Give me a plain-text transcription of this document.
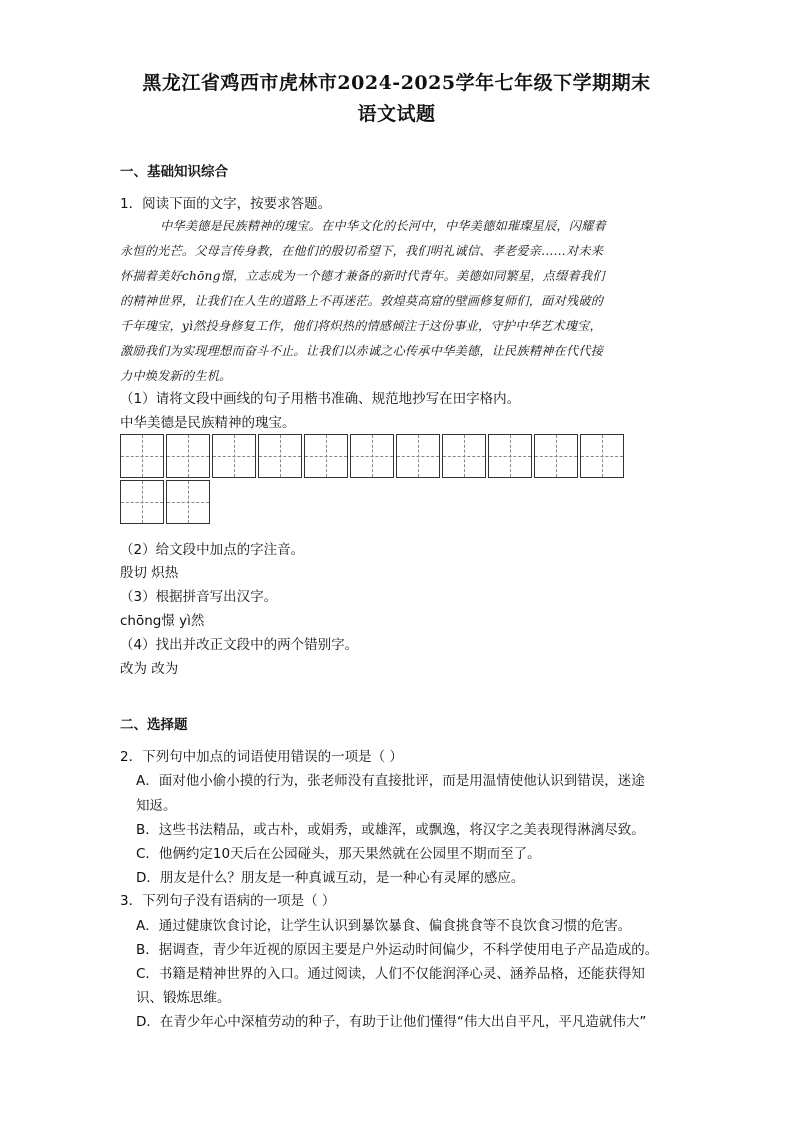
黑龙江省鸡西市虎林市2024-2025学年七年级下学期期末
语文试题
一、基础知识综合
1．阅读下面的文字，按要求答题。
中华美德是民族精神的瑰宝。在中华文化的长河中，中华美德如璀璨星辰，闪耀着
永恒的光芒。父母言传身教，在他们的殷切希望下，我们明礼诚信、孝老爱亲……对未来
怀揣着美好chōng憬，立志成为一个德才兼备的新时代青年。美德如同繁星，点缀着我们
的精神世界，让我们在人生的道路上不再迷茫。敦煌莫高窟的壁画修复师们，面对残破的
千年瑰宝，yì然投身修复工作，他们将炽热的情感倾注于这份事业，守护中华艺术瑰宝，
激励我们为实现理想而奋斗不止。让我们以赤诚之心传承中华美德，让民族精神在代代接
力中焕发新的生机。
（1）请将文段中画线的句子用楷书准确、规范地抄写在田字格内。
中华美德是民族精神的瑰宝。
（2）给文段中加点的字注音。
殷切 炽热
（3）根据拼音写出汉字。
chōng憬 yì然
（4）找出并改正文段中的两个错别字。
改为 改为
二、选择题
2．下列句中加点的词语使用错误的一项是（ ）
A．面对他小偷小摸的行为，张老师没有直接批评，而是用温情使他认识到错误，迷途
知返。
B．这些书法精品，或古朴，或娟秀，或雄浑，或飘逸，将汉字之美表现得淋漓尽致。
C．他俩约定10天后在公园碰头，那天果然就在公园里不期而至了。
D．朋友是什么？朋友是一种真诚互动，是一种心有灵犀的感应。
3．下列句子没有语病的一项是（ ）
A．通过健康饮食讨论，让学生认识到暴饮暴食、偏食挑食等不良饮食习惯的危害。
B．据调查，青少年近视的原因主要是户外运动时间偏少，不科学使用电子产品造成的。
C．书籍是精神世界的入口。通过阅读，人们不仅能润泽心灵、涵养品格，还能获得知
识、锻炼思维。
D．在青少年心中深植劳动的种子，有助于让他们懂得“伟大出自平凡，平凡造就伟大”
